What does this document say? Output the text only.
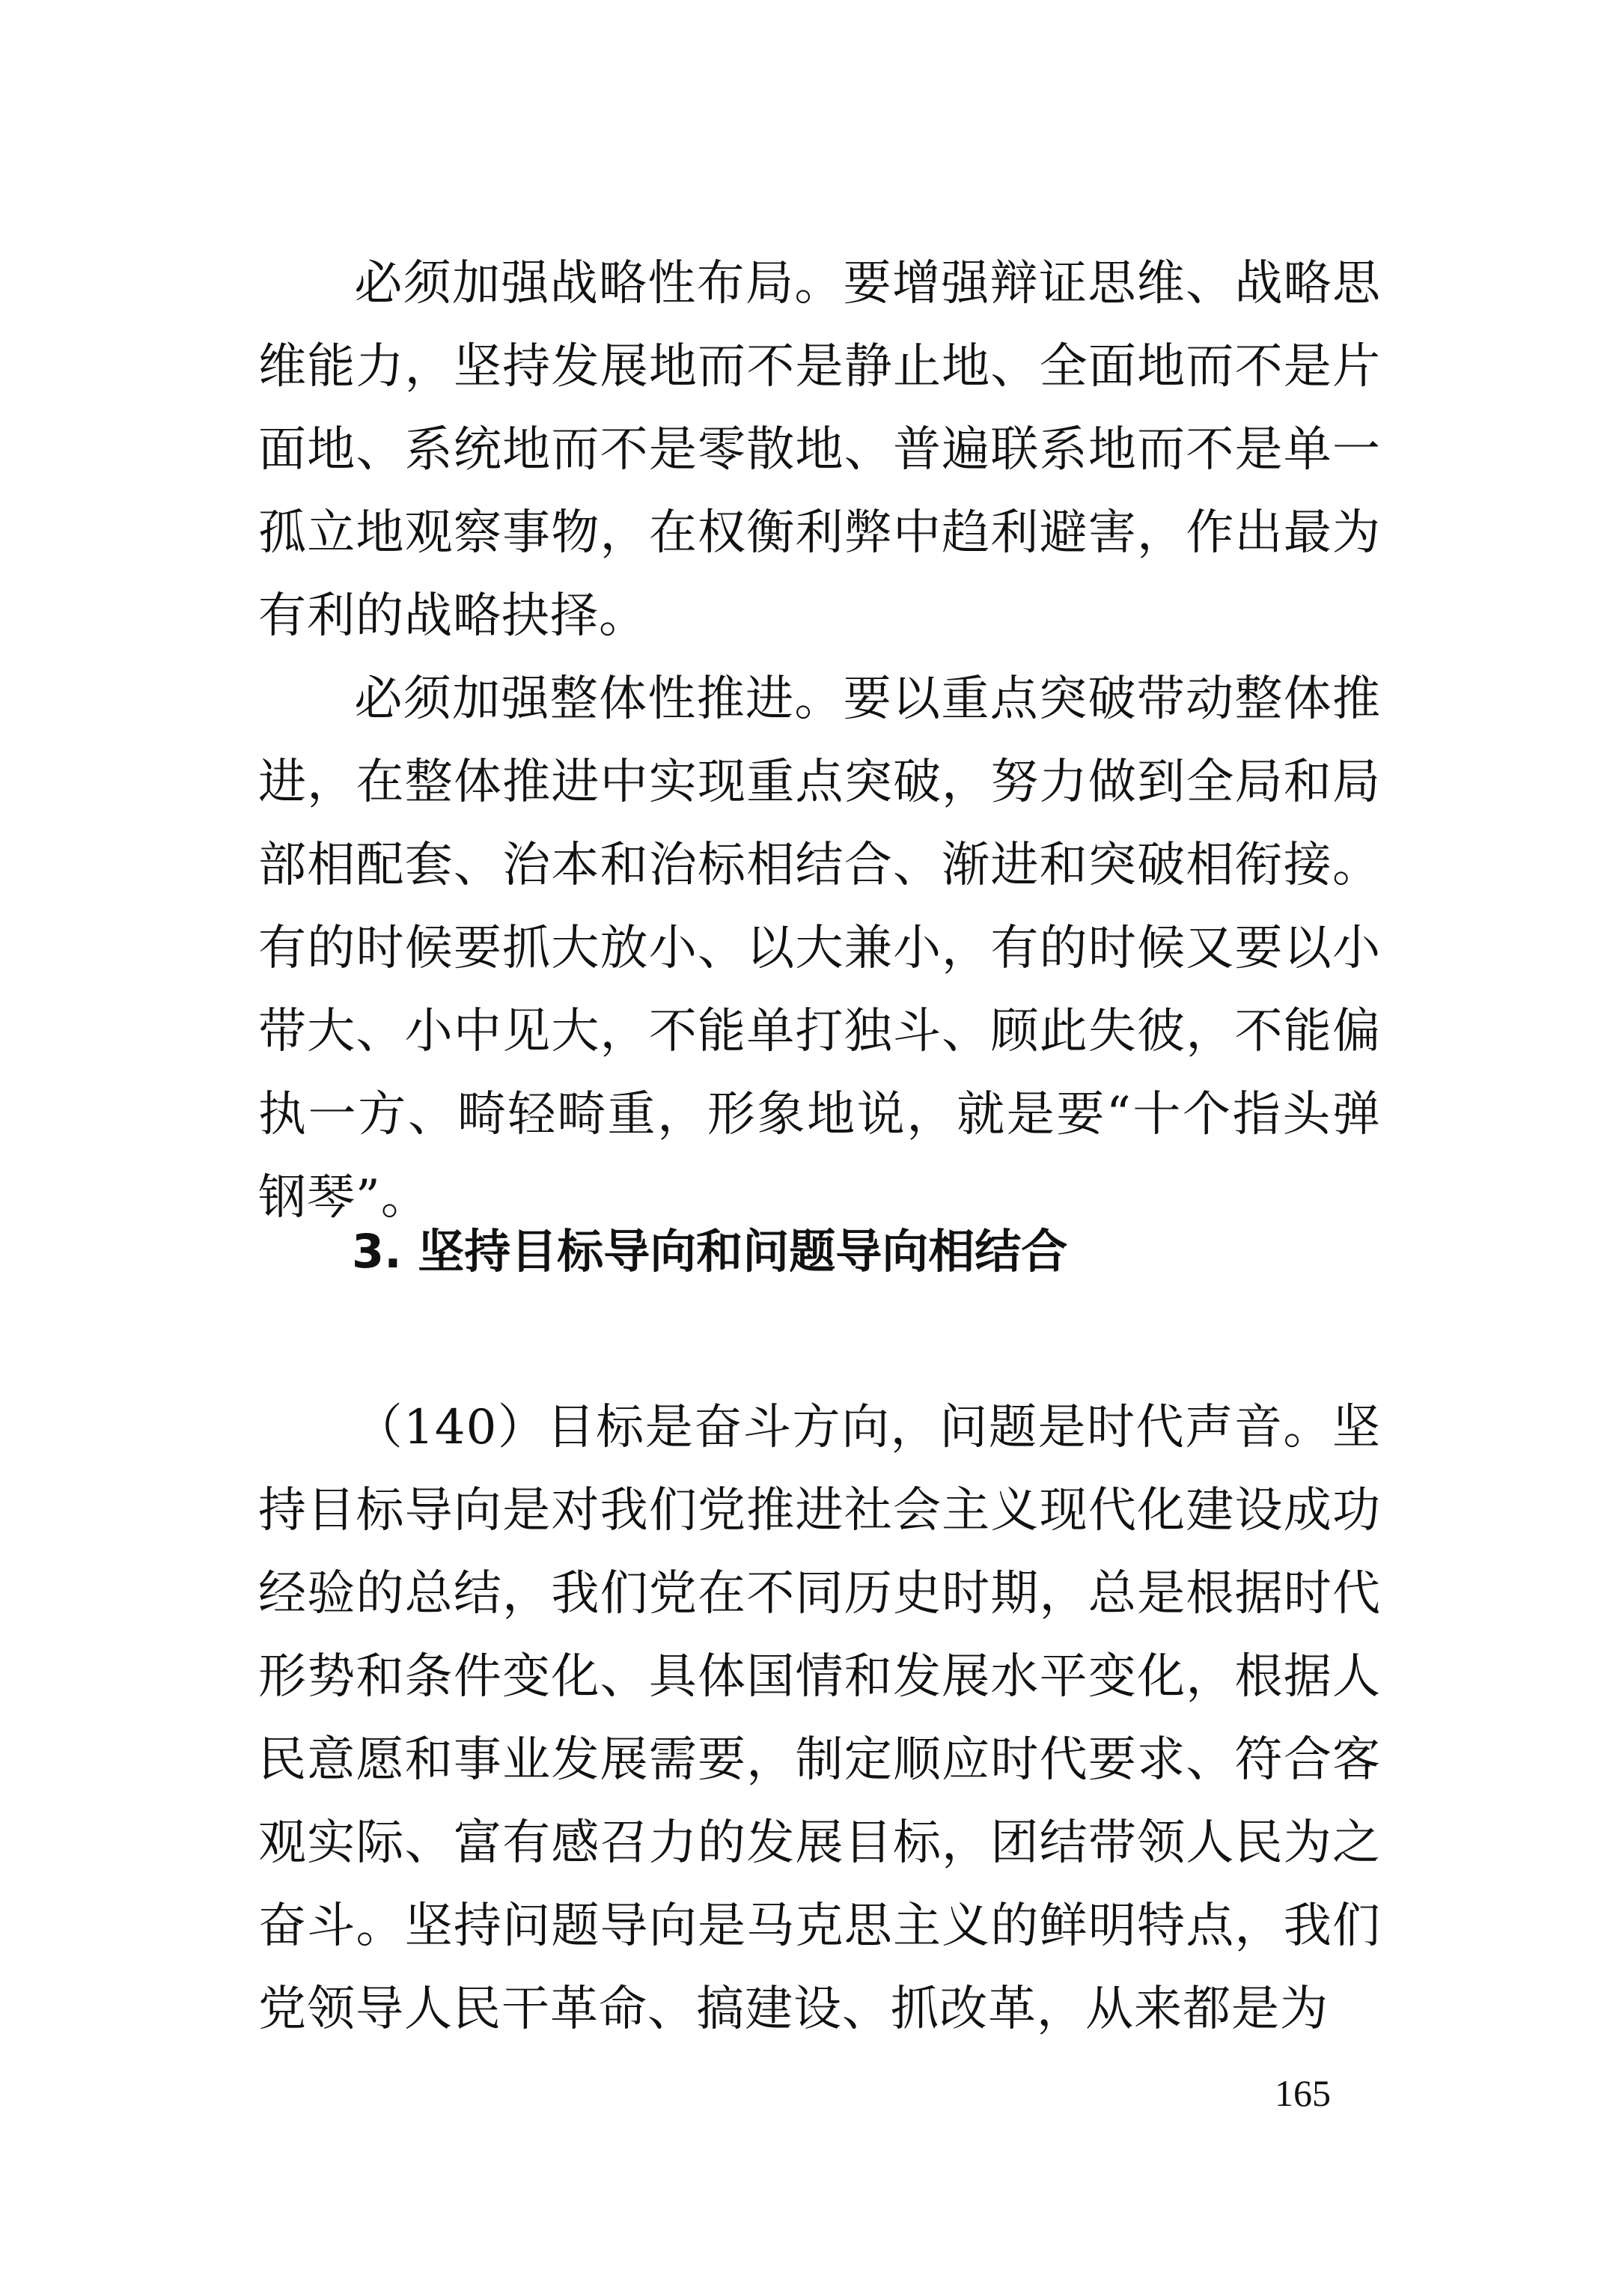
必须加强战略性布局。要增强辩证思维、战略思维能力，坚持发展地而不是静止地、全面地而不是片面地、系统地而不是零散地、普遍联系地而不是单一孤立地观察事物，在权衡利弊中趋利避害，作出最为有利的战略抉择。

必须加强整体性推进。要以重点突破带动整体推进，在整体推进中实现重点突破，努力做到全局和局部相配套、治本和治标相结合、渐进和突破相衔接。有的时候要抓大放小、以大兼小，有的时候又要以小带大、小中见大，不能单打独斗、顾此失彼，不能偏执一方、畸轻畸重，形象地说，就是要“十个指头弹钢琴”。

3. 坚持目标导向和问题导向相结合

（140）目标是奋斗方向，问题是时代声音。坚持目标导向是对我们党推进社会主义现代化建设成功经验的总结，我们党在不同历史时期，总是根据时代形势和条件变化、具体国情和发展水平变化，根据人民意愿和事业发展需要，制定顺应时代要求、符合客观实际、富有感召力的发展目标，团结带领人民为之奋斗。坚持问题导向是马克思主义的鲜明特点，我们党领导人民干革命、搞建设、抓改革，从来都是为

165
